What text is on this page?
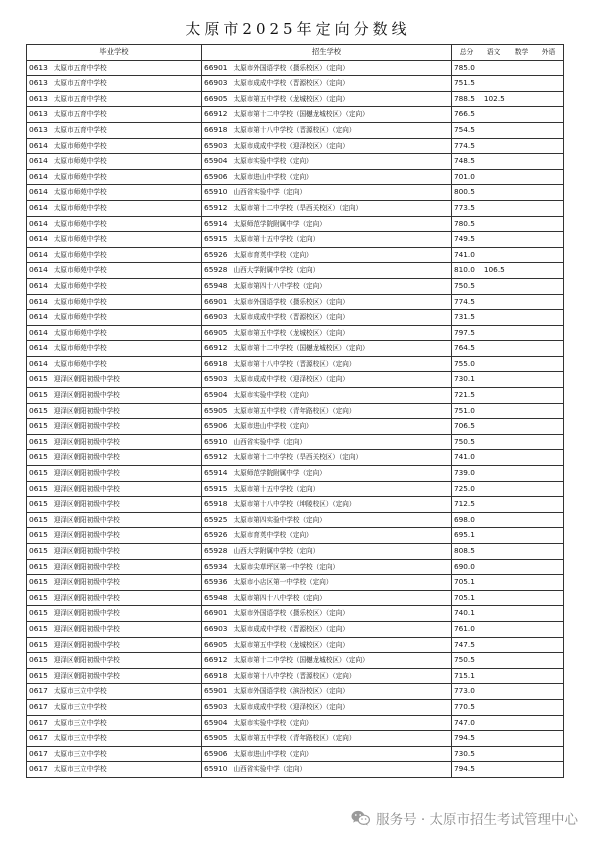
太原市2025年定向分数线
毕业学校	招生学校	总分 语文 数学 外语
0613 太原市五育中学校	66901 太原市外国语学校（摄乐校区）（定向）	785.0
0613 太原市五育中学校	66903 太原市成成中学校（晋源校区）（定向）	751.5
0613 太原市五育中学校	66905 太原市第五中学校（龙城校区）（定向）	788.5 102.5
0613 太原市五育中学校	66912 太原市第十二中学校（国樾龙城校区）（定向）	766.5
0613 太原市五育中学校	66918 太原市第十八中学校（晋源校区）（定向）	754.5
0614 太原市师苑中学校	65903 太原市成成中学校（迎泽校区）（定向）	774.5
0614 太原市师苑中学校	65904 太原市实验中学校（定向）	748.5
0614 太原市师苑中学校	65906 太原市进山中学校（定向）	701.0
0614 太原市师苑中学校	65910 山西省实验中学（定向）	800.5
0614 太原市师苑中学校	65912 太原市第十二中学校（旱西关校区）（定向）	773.5
0614 太原市师苑中学校	65914 太原师范学院附属中学（定向）	780.5
0614 太原市师苑中学校	65915 太原市第十五中学校（定向）	749.5
0614 太原市师苑中学校	65926 太原市育英中学校（定向）	741.0
0614 太原市师苑中学校	65928 山西大学附属中学校（定向）	810.0 106.5
0614 太原市师苑中学校	65948 太原市第四十八中学校（定向）	750.5
0614 太原市师苑中学校	66901 太原市外国语学校（摄乐校区）（定向）	774.5
0614 太原市师苑中学校	66903 太原市成成中学校（晋源校区）（定向）	731.5
0614 太原市师苑中学校	66905 太原市第五中学校（龙城校区）（定向）	797.5
0614 太原市师苑中学校	66912 太原市第十二中学校（国樾龙城校区）（定向）	764.5
0614 太原市师苑中学校	66918 太原市第十八中学校（晋源校区）（定向）	755.0
0615 迎泽区朝阳初级中学校	65903 太原市成成中学校（迎泽校区）（定向）	730.1
0615 迎泽区朝阳初级中学校	65904 太原市实验中学校（定向）	721.5
0615 迎泽区朝阳初级中学校	65905 太原市第五中学校（青年路校区）（定向）	751.0
0615 迎泽区朝阳初级中学校	65906 太原市进山中学校（定向）	706.5
0615 迎泽区朝阳初级中学校	65910 山西省实验中学（定向）	750.5
0615 迎泽区朝阳初级中学校	65912 太原市第十二中学校（旱西关校区）（定向）	741.0
0615 迎泽区朝阳初级中学校	65914 太原师范学院附属中学（定向）	739.0
0615 迎泽区朝阳初级中学校	65915 太原市第十五中学校（定向）	725.0
0615 迎泽区朝阳初级中学校	65918 太原市第十八中学校（坤陵校区）（定向）	712.5
0615 迎泽区朝阳初级中学校	65925 太原市第四实验中学校（定向）	698.0
0615 迎泽区朝阳初级中学校	65926 太原市育英中学校（定向）	695.1
0615 迎泽区朝阳初级中学校	65928 山西大学附属中学校（定向）	808.5
0615 迎泽区朝阳初级中学校	65934 太原市尖草坪区第一中学校（定向）	690.0
0615 迎泽区朝阳初级中学校	65936 太原市小店区第一中学校（定向）	705.1
0615 迎泽区朝阳初级中学校	65948 太原市第四十八中学校（定向）	705.1
0615 迎泽区朝阳初级中学校	66901 太原市外国语学校（摄乐校区）（定向）	740.1
0615 迎泽区朝阳初级中学校	66903 太原市成成中学校（晋源校区）（定向）	761.0
0615 迎泽区朝阳初级中学校	66905 太原市第五中学校（龙城校区）（定向）	747.5
0615 迎泽区朝阳初级中学校	66912 太原市第十二中学校（国樾龙城校区）（定向）	750.5
0615 迎泽区朝阳初级中学校	66918 太原市第十八中学校（晋源校区）（定向）	715.1
0617 太原市三立中学校	65901 太原市外国语学校（滨汾校区）（定向）	773.0
0617 太原市三立中学校	65903 太原市成成中学校（迎泽校区）（定向）	770.5
0617 太原市三立中学校	65904 太原市实验中学校（定向）	747.0
0617 太原市三立中学校	65905 太原市第五中学校（青年路校区）（定向）	794.5
0617 太原市三立中学校	65906 太原市进山中学校（定向）	730.5
0617 太原市三立中学校	65910 山西省实验中学（定向）	794.5
服务号 · 太原市招生考试管理中心
